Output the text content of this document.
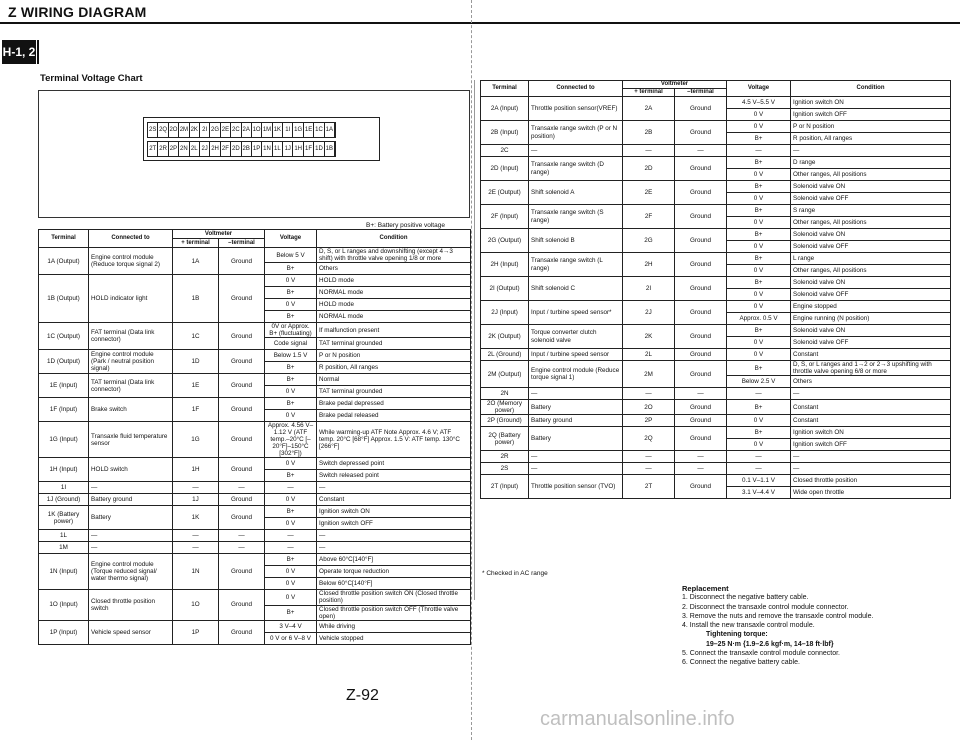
Z WIRING DIAGRAM
H-1, 2
Terminal Voltage Chart
2S 2Q 2O 2M 2K 2I 2G 2E 2C 2A 1O 1M 1K 1I 1G 1E 1C 1A
2T 2R 2P 2N 2L 2J 2H 2F 2D 2B 1P 1N 1L 1J 1H 1F 1D 1B
B+: Battery positive voltage
Terminal	Connected to	Voltmeter		Voltage	Condition
		+ terminal	–terminal		
1A (Output)	Engine control module (Reduce torque signal 2)	1A	Ground	Below 5 V	D, S, or L ranges and downshifting (except 4→3 shift) with throttle valve opening 1/8 or more
				B+	Others
1B (Output)	HOLD indicator light	1B	Ground	0 V	HOLD mode
				B+	NORMAL mode
				0 V	HOLD mode
				B+	NORMAL mode
1C (Output)	FAT terminal (Data link connector)	1C	Ground	0V or Approx. B+ (fluctuating)	If malfunction present
				Code signal	TAT terminal grounded
1D (Output)	Engine control module (Park / neutral position signal)	1D	Ground	Below 1.5 V	P or N position
				B+	R position, All ranges
1E (Input)	TAT terminal (Data link connector)	1E	Ground	B+	Normal
				0 V	TAT terminal grounded
1F (Input)	Brake switch	1F	Ground	B+	Brake pedal depressed
				0 V	Brake pedal released
1G (Input)	Transaxle fluid temperature sensor	1G	Ground	Approx. 4.56 V–1.12 V (ATF temp.–20°C [–20°F]–150°C [302°F])	While warming-up ATF Note Approx. 4.6 V; ATF temp. 20°C [68°F] Approx. 1.5 V: ATF temp. 130°C [266°F]
1H (Input)	HOLD switch	1H	Ground	0 V	Switch depressed point
				B+	Switch released point
1I	—	—	—	—	—
1J (Ground)	Battery ground	1J	Ground	0 V	Constant
1K (Battery power)	Battery	1K	Ground	B+	Ignition switch ON
				0 V	Ignition switch OFF
1L	—	—	—	—	—
1M	—	—	—	—	—
1N (Input)	Engine control module (Torque reduced signal/ water thermo signal)	1N	Ground	B+	Above 60°C[140°F]
				0 V	Operate torque reduction
				0 V	Below 60°C[140°F]
1O (Input)	Closed throttle position switch	1O	Ground	0 V	Closed throttle position switch ON (Closed throttle position)
				B+	Closed throttle position switch OFF (Throttle valve open)
1P (Input)	Vehicle speed sensor	1P	Ground	3 V–4 V	While driving
				0 V or 6 V–8 V	Vehicle stopped
Terminal	Connected to	Voltmeter		Voltage	Condition
		+ terminal	–terminal		
2A (Input)	Throttle position sensor(VREF)	2A	Ground	4.5 V–5.5 V	Ignition switch ON
				0 V	Ignition switch OFF
2B (Input)	Transaxle range switch (P or N position)	2B	Ground	0 V	P or N position
				B+	R position, All ranges
2C	—	—	—	—	—
2D (Input)	Transaxle range switch (D range)	2D	Ground	B+	D range
				0 V	Other ranges, All positions
2E (Output)	Shift solenoid A	2E	Ground	B+	Solenoid valve ON
				0 V	Solenoid valve OFF
2F (Input)	Transaxle range switch (S range)	2F	Ground	B+	S range
				0 V	Other ranges, All positions
2G (Output)	Shift solenoid B	2G	Ground	B+	Solenoid valve ON
				0 V	Solenoid valve OFF
2H (Input)	Transaxle range switch (L range)	2H	Ground	B+	L range
				0 V	Other ranges, All positions
2I (Output)	Shift solenoid C	2I	Ground	B+	Solenoid valve ON
				0 V	Solenoid valve OFF
2J (Input)	Input / turbine speed sensor*	2J	Ground	0 V	Engine stopped
				Approx. 0.5 V	Engine running (N position)
2K (Output)	Torque converter clutch solenoid valve	2K	Ground	B+	Solenoid valve ON
				0 V	Solenoid valve OFF
2L (Ground)	Input / turbine speed sensor	2L	Ground	0 V	Constant
2M (Output)	Engine control module (Reduce torque signal 1)	2M	Ground	B+	D, S, or L ranges and 1→2 or 2→3 upshifting with throttle valve opening 6/8 or more
				Below 2.5 V	Others
2N	—	—	—	—	—
2O (Memory power)	Battery	2O	Ground	B+	Constant
2P (Ground)	Battery ground	2P	Ground	0 V	Constant
2Q (Battery power)	Battery	2Q	Ground	B+	Ignition switch ON
				0 V	Ignition switch OFF
2R	—	—	—	—	—
2S	—	—	—	—	—
2T (Input)	Throttle position sensor (TVO)	2T	Ground	0.1 V–1.1 V	Closed throttle position
				3.1 V–4.4 V	Wide open throttle
* Checked in AC range
Replacement
1. Disconnect the negative battery cable.
2. Disconnect the transaxle control module connector.
3. Remove the nuts and remove the transaxle control module.
4. Install the new transaxle control module.
Tightening torque:
19–25 N·m {1.9–2.6 kgf·m, 14–18 ft·lbf}
5. Connect the transaxle control module connector.
6. Connect the negative battery cable.
Z-92
carmanualsonline.info
